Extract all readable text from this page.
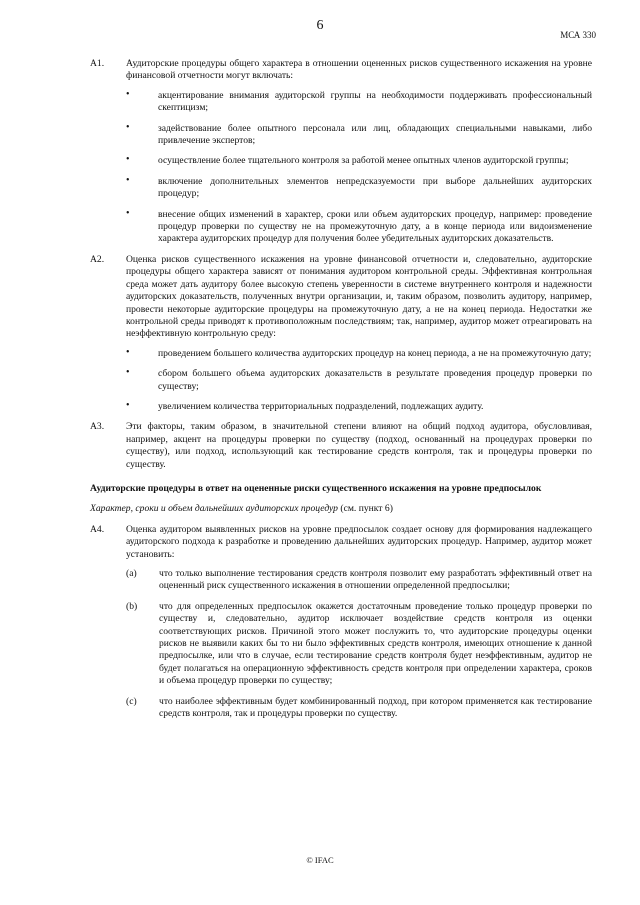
6
МСА 330
A1. Аудиторские процедуры общего характера в отношении оцененных рисков существенного искажения на уровне финансовой отчетности могут включать:
• акцентирование внимания аудиторской группы на необходимости поддерживать профессиональный скептицизм;
• задействование более опытного персонала или лиц, обладающих специальными навыками, либо привлечение экспертов;
• осуществление более тщательного контроля за работой менее опытных членов аудиторской группы;
• включение дополнительных элементов непредсказуемости при выборе дальнейших аудиторских процедур;
• внесение общих изменений в характер, сроки или объем аудиторских процедур, например: проведение процедур проверки по существу не на промежуточную дату, а в конце периода или видоизменение характера аудиторских процедур для получения более убедительных аудиторских доказательств.
A2. Оценка рисков существенного искажения на уровне финансовой отчетности и, следовательно, аудиторские процедуры общего характера зависят от понимания аудитором контрольной среды. Эффективная контрольная среда может дать аудитору более высокую степень уверенности в системе внутреннего контроля и надежности аудиторских доказательств, полученных внутри организации, и, таким образом, позволить аудитору, например, провести некоторые аудиторские процедуры на промежуточную дату, а не на конец периода. Недостатки же контрольной среды приводят к противоположным последствиям; так, например, аудитор может отреагировать на неэффективную контрольную среду:
• проведением большего количества аудиторских процедур на конец периода, а не на промежуточную дату;
• сбором большего объема аудиторских доказательств в результате проведения процедур проверки по существу;
• увеличением количества территориальных подразделений, подлежащих аудиту.
A3. Эти факторы, таким образом, в значительной степени влияют на общий подход аудитора, обусловливая, например, акцент на процедуры проверки по существу (подход, основанный на процедурах проверки по существу), или подход, использующий как тестирование средств контроля, так и процедуры проверки по существу.
Аудиторские процедуры в ответ на оцененные риски существенного искажения на уровне предпосылок
Характер, сроки и объем дальнейших аудиторских процедур (см. пункт 6)
A4. Оценка аудитором выявленных рисков на уровне предпосылок создает основу для формирования надлежащего аудиторского подхода к разработке и проведению дальнейших аудиторских процедур. Например, аудитор может установить:
(a) что только выполнение тестирования средств контроля позволит ему разработать эффективный ответ на оцененный риск существенного искажения в отношении определенной предпосылки;
(b) что для определенных предпосылок окажется достаточным проведение только процедур проверки по существу и, следовательно, аудитор исключает воздействие средств контроля из оценки соответствующих рисков. Причиной этого может послужить то, что аудиторские процедуры оценки рисков не выявили каких бы то ни было эффективных средств контроля, имеющих отношение к данной предпосылке, или что в случае, если тестирование средств контроля будет неэффективным, аудитор не будет полагаться на операционную эффективность средств контроля при определении характера, сроков и объема процедур проверки по существу;
(c) что наиболее эффективным будет комбинированный подход, при котором применяется как тестирование средств контроля, так и процедуры проверки по существу.
© IFAC
